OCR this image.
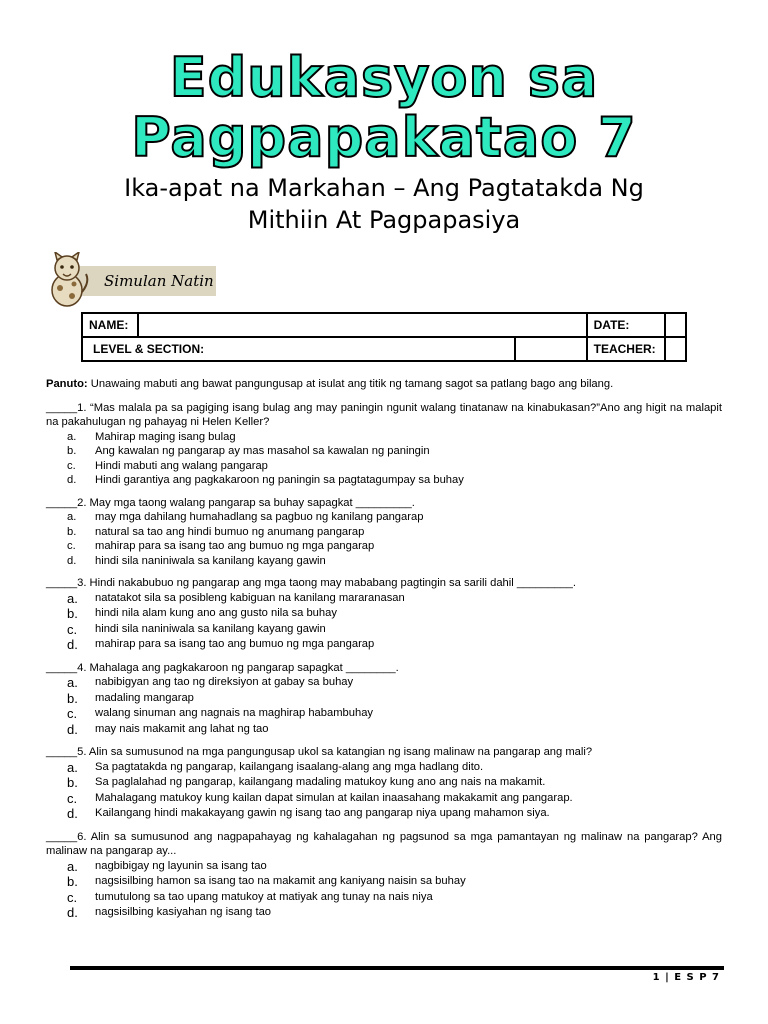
Edukasyon sa
Pagpapakatao 7
Ika-apat na Markahan – Ang Pagtatakda Ng
Mithiin At Pagpapasiya
Simulan Natin
NAME:			DATE:	
LEVEL & SECTION:			TEACHER:	
Panuto: Unawaing mabuti ang bawat pangungusap at isulat ang titik ng tamang sagot sa patlang bago ang bilang.
_____1. “Mas malala pa sa pagiging isang bulag ang may paningin ngunit walang tinatanaw na kinabukasan?”Ano ang higit na malapit na pakahulugan ng pahayag ni Helen Keller?
a.	Mahirap maging isang bulag
b.	Ang kawalan ng pangarap ay mas masahol sa kawalan ng paningin
c.	Hindi mabuti ang walang pangarap
d.	Hindi garantiya ang pagkakaroon ng paningin sa pagtatagumpay sa buhay
_____2. May mga taong walang pangarap sa buhay sapagkat _________.
a.	may mga dahilang humahadlang sa pagbuo ng kanilang pangarap
b.	natural sa tao ang hindi bumuo ng anumang pangarap
c.	mahirap para sa isang tao ang bumuo ng mga pangarap
d.	hindi sila naniniwala sa kanilang kayang gawin
_____3. Hindi nakabubuo ng pangarap ang mga taong may mababang pagtingin sa sarili dahil _________.
a.	natatakot sila sa posibleng kabiguan na kanilang mararanasan
b.	hindi nila alam kung ano ang gusto nila sa buhay
c.	hindi sila naniniwala sa kanilang kayang gawin
d.	mahirap para sa isang tao ang bumuo ng mga pangarap
_____4. Mahalaga ang pagkakaroon ng pangarap sapagkat ________.
a.	nabibigyan ang tao ng direksiyon at gabay sa buhay
b.	madaling mangarap
c.	walang sinuman ang nagnais na maghirap habambuhay
d.	may nais makamit ang lahat ng tao
_____5. Alin sa sumusunod na mga pangungusap ukol sa katangian ng isang malinaw na pangarap ang mali?
a.	Sa pagtatakda ng pangarap, kailangang isaalang-alang ang mga hadlang dito.
b.	Sa paglalahad ng pangarap, kailangang madaling matukoy kung ano ang nais na makamit.
c.	Mahalagang matukoy kung kailan dapat simulan at kailan inaasahang makakamit ang pangarap.
d.	Kailangang hindi makakayang gawin ng isang tao ang pangarap niya upang mahamon siya.
_____6. Alin sa sumusunod ang nagpapahayag ng kahalagahan ng pagsunod sa mga pamantayan ng malinaw na pangarap? Ang malinaw na pangarap ay...
a.	nagbibigay ng layunin sa isang tao
b.	nagsisilbing hamon sa isang tao na makamit ang kaniyang naisin sa buhay
c.	tumutulong sa tao upang matukoy at matiyak ang tunay na nais niya
d.	nagsisilbing kasiyahan ng isang tao
1 | E S P 7
